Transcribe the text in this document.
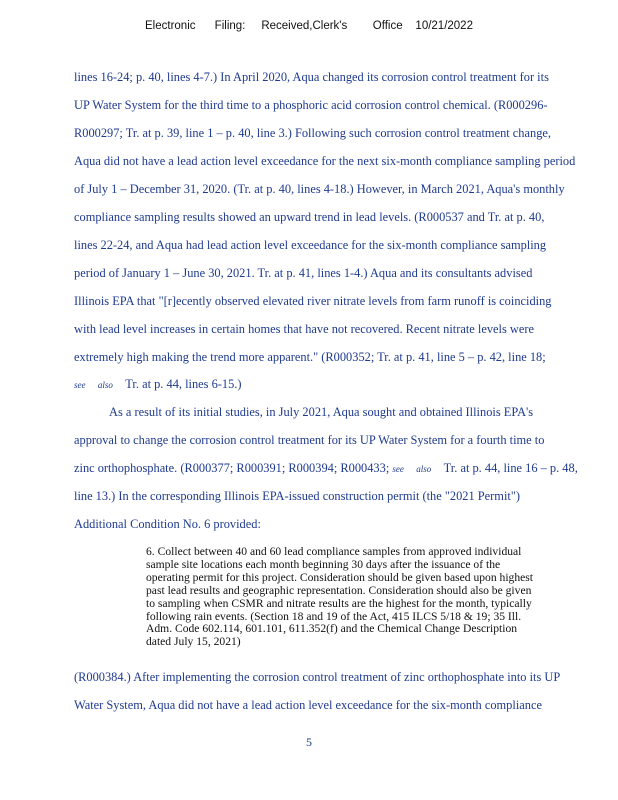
Electronic      Filing:     Received,Clerk's        Office    10/21/2022
lines 16-24; p. 40, lines 4-7.) In April 2020, Aqua changed its corrosion control treatment for its
UP Water System for the third time to a phosphoric acid corrosion control chemical. (R000296-
R000297; Tr. at p. 39, line 1 – p. 40, line 3.) Following such corrosion control treatment change,
Aqua did not have a lead action level exceedance for the next six-month compliance sampling period
of July 1 – December 31, 2020. (Tr. at p. 40, lines 4-18.) However, in March 2021, Aqua's monthly
compliance sampling results showed an upward trend in lead levels. (R000537 and Tr. at p. 40,
lines 22-24, and Aqua had lead action level exceedance for the six-month compliance sampling
period of January 1 – June 30, 2021. Tr. at p. 41, lines 1-4.) Aqua and its consultants advised
Illinois EPA that "[r]ecently observed elevated river nitrate levels from farm runoff is coinciding
with lead level increases in certain homes that have not recovered. Recent nitrate levels were
extremely high making the trend more apparent." (R000352; Tr. at p. 41, line 5 – p. 42, line 18;
see also Tr. at p. 44, lines 6-15.)
As a result of its initial studies, in July 2021, Aqua sought and obtained Illinois EPA's
approval to change the corrosion control treatment for its UP Water System for a fourth time to
zinc orthophosphate. (R000377; R000391; R000394; R000433; see also Tr. at p. 44, line 16 – p. 48,
line 13.) In the corresponding Illinois EPA-issued construction permit (the "2021 Permit")
Additional Condition No. 6 provided:
6. Collect between 40 and 60 lead compliance samples from approved individual
sample site locations each month beginning 30 days after the issuance of the
operating permit for this project. Consideration should be given based upon highest
past lead results and geographic representation. Consideration should also be given
to sampling when CSMR and nitrate results are the highest for the month, typically
following rain events. (Section 18 and 19 of the Act, 415 ILCS 5/18 & 19; 35 Ill.
Adm. Code 602.114, 601.101, 611.352(f) and the Chemical Change Description
dated July 15, 2021)
(R000384.) After implementing the corrosion control treatment of zinc orthophosphate into its UP
Water System, Aqua did not have a lead action level exceedance for the six-month compliance
5
